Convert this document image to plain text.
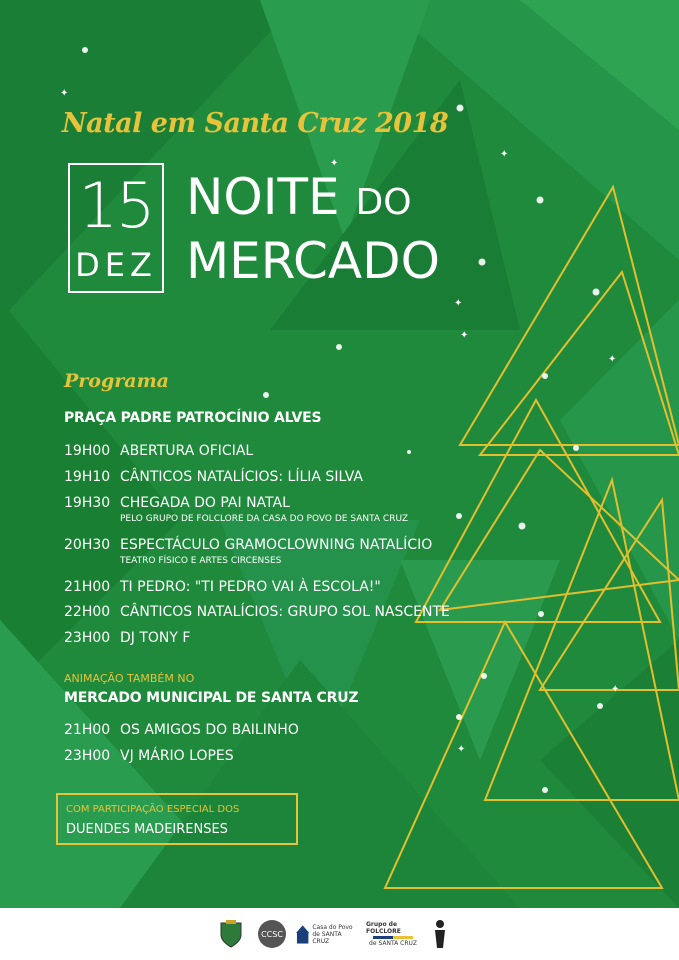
✦
✦
✦
✦
✦
✦
✦
✦
Natal em Santa Cruz 2018
15
DEZ
NOITE DO
MERCADO
Programa
PRAÇA PADRE PATROCÍNIO ALVES
19H00 ABERTURA OFICIAL
19H10 CÂNTICOS NATALÍCIOS: LÍLIA SILVA
19H30 CHEGADA DO PAI NATAL
PELO GRUPO DE FOLCLORE DA CASA DO POVO DE SANTA CRUZ
20H30 ESPECTÁCULO GRAMOCLOWNING NATALÍCIO
TEATRO FÍSICO E ARTES CIRCENSES
21H00 TI PEDRO: "TI PEDRO VAI À ESCOLA!"
22H00 CÂNTICOS NATALÍCIOS: GRUPO SOL NASCENTE
23H00 DJ TONY F
ANIMAÇÃO TAMBÉM NO
MERCADO MUNICIPAL DE SANTA CRUZ
21H00 OS AMIGOS DO BAILINHO
23H00 VJ MÁRIO LOPES
COM PARTICIPAÇÃO ESPECIAL DOS
DUENDES MADEIRENSES
CCSC
Casa do Povo
de SANTA CRUZ
Grupo de FOLCLORE
de SANTA CRUZ
